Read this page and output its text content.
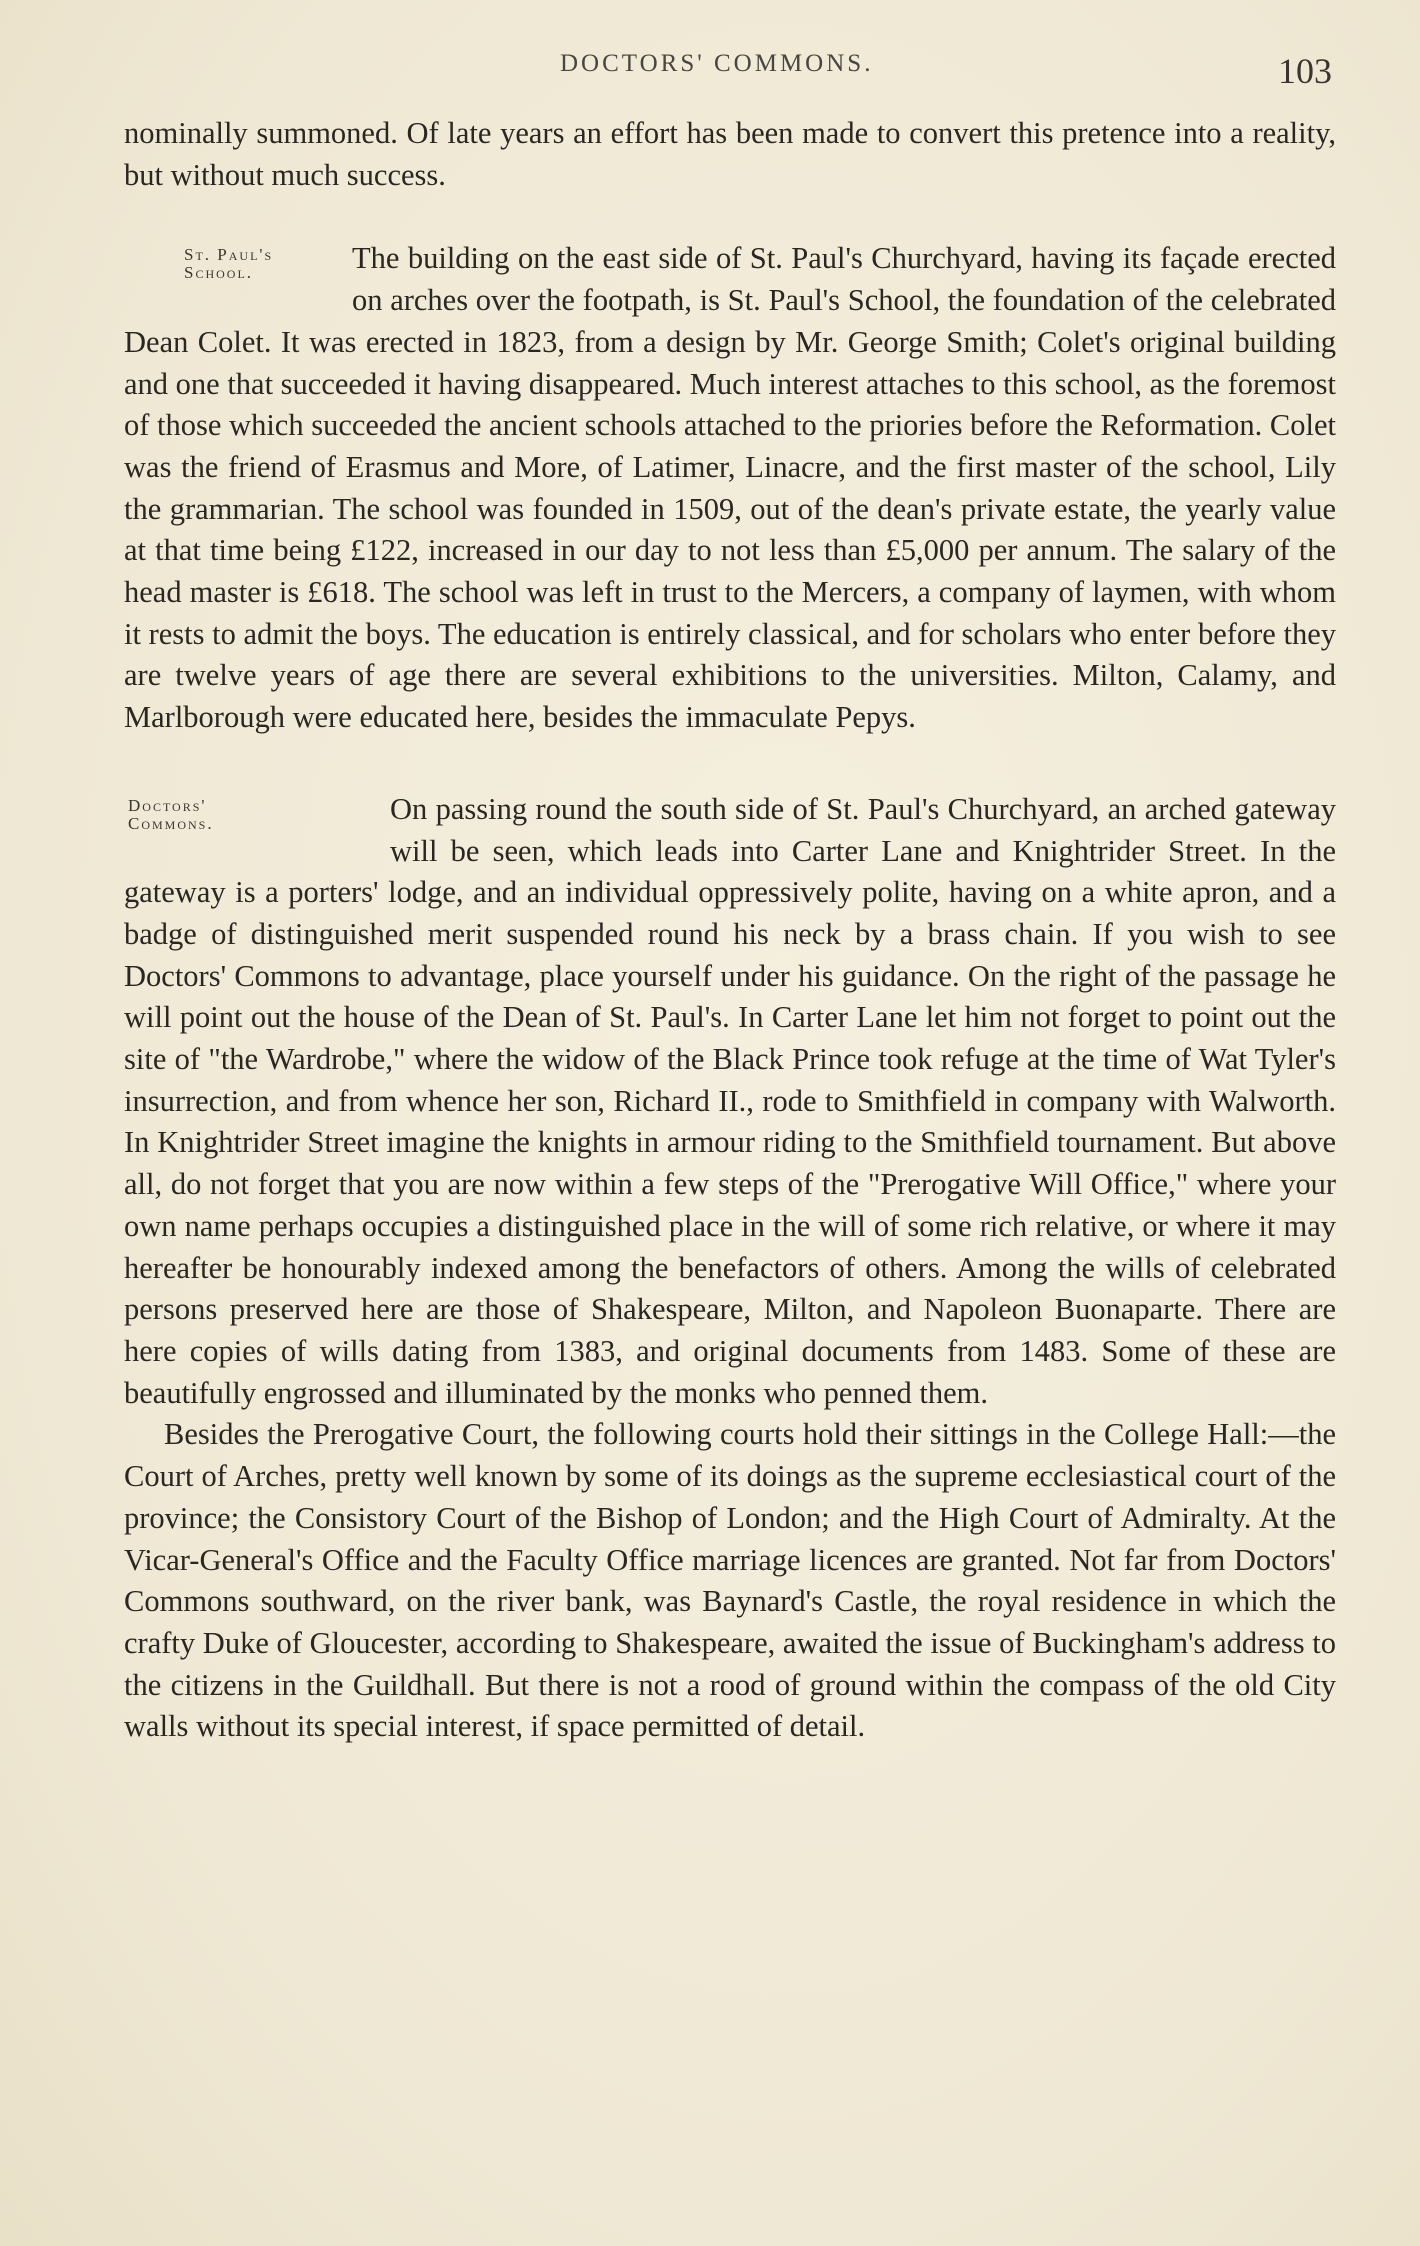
DOCTORS' COMMONS.	103

nominally summoned. Of late years an effort has been made to convert this pretence into a reality, but without much success.

St. Paul's
School.	The building on the east side of St. Paul's Churchyard, having its façade erected on arches over the footpath, is St. Paul's School, the foundation of the celebrated Dean Colet. It was erected in 1823, from a design by Mr. George Smith; Colet's original building and one that succeeded it having disappeared. Much interest attaches to this school, as the foremost of those which succeeded the ancient schools attached to the priories before the Reformation. Colet was the friend of Erasmus and More, of Latimer, Linacre, and the first master of the school, Lily the grammarian. The school was founded in 1509, out of the dean's private estate, the yearly value at that time being £122, increased in our day to not less than £5,000 per annum. The salary of the head master is £618. The school was left in trust to the Mercers, a company of laymen, with whom it rests to admit the boys. The education is entirely classical, and for scholars who enter before they are twelve years of age there are several exhibitions to the universities. Milton, Calamy, and Marlborough were educated here, besides the immaculate Pepys.

Doctors'
Commons.	On passing round the south side of St. Paul's Churchyard, an arched gateway will be seen, which leads into Carter Lane and Knightrider Street. In the gateway is a porters' lodge, and an individual oppressively polite, having on a white apron, and a badge of distinguished merit suspended round his neck by a brass chain. If you wish to see Doctors' Commons to advantage, place yourself under his guidance. On the right of the passage he will point out the house of the Dean of St. Paul's. In Carter Lane let him not forget to point out the site of "the Wardrobe," where the widow of the Black Prince took refuge at the time of Wat Tyler's insurrection, and from whence her son, Richard II., rode to Smithfield in company with Walworth. In Knightrider Street imagine the knights in armour riding to the Smithfield tournament. But above all, do not forget that you are now within a few steps of the "Prerogative Will Office," where your own name perhaps occupies a distinguished place in the will of some rich relative, or where it may hereafter be honourably indexed among the benefactors of others. Among the wills of celebrated persons preserved here are those of Shakespeare, Milton, and Napoleon Buonaparte. There are here copies of wills dating from 1383, and original documents from 1483. Some of these are beautifully engrossed and illuminated by the monks who penned them.

Besides the Prerogative Court, the following courts hold their sittings in the College Hall:—the Court of Arches, pretty well known by some of its doings as the supreme ecclesiastical court of the province; the Consistory Court of the Bishop of London; and the High Court of Admiralty. At the Vicar-General's Office and the Faculty Office marriage licences are granted. Not far from Doctors' Commons southward, on the river bank, was Baynard's Castle, the royal residence in which the crafty Duke of Gloucester, according to Shakespeare, awaited the issue of Buckingham's address to the citizens in the Guildhall. But there is not a rood of ground within the compass of the old City walls without its special interest, if space permitted of detail.
